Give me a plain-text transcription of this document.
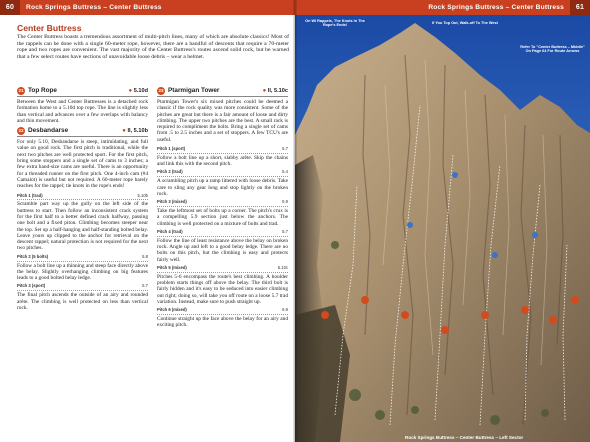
60	Rock Springs Buttress – Center Buttress	Rock Springs Buttress – Center Buttress	61
Center Buttress
The Center Buttress boasts a tremendous assortment of multi-pitch lines, many of which are absolute classics! Most of the rappels can be done with a single 60-meter rope, however, there are a handful of descents that require a 70-meter rope and two ropes are convenient. The vast majority of the Center Buttress's routes ascend solid rock, but be warned that a few select routes have sections of unavoidable loose debris – wear a helmet.
21 Top Rope	● 5.10d
Between the West and Center Buttresses is a detached rock formation home to a 5.10d top rope. The line is slightly less than vertical and advances over a few overlaps with balancy and thin movement.
22 Desbandarse	● II, 5.10b
For only 5.10, Desbandarse is steep, intimidating, and full value on good rock. The first pitch is traditional, while the next two pitches are well protected sport. For the first pitch, bring some stoppers and a single set of cams to 3 inches; a few extra hand-size cams are useful. There is an opportunity for a threaded runner on the first pitch. One 4-inch cam (#4 Camalot) is useful but not required. A 60-meter rope barely reaches for the rappel; tie knots in the rope's ends!
Pitch 1 (trad)	5.10b
Scramble part way up the gully on the left side of the buttress to start. Then follow an inconsistent crack system for the first half to a better defined crack halfway, passing one bolt and a fixed piton. Climbing becomes steeper near the top. Set up a half-hanging and half-standing bolted belay. Leave yours up clipped to the anchor for retrieval on the descent rappel; natural protection is not required for the next two pitches.
Pitch 2 (5 bolts)	5.8
Follow a bolt line up a thinning and steep face directly above the belay. Slightly overhanging climbing on big features leads to a good bolted belay ledge.
Pitch 3 (sport)	5.7
The final pitch ascends the outside of an airy and rounded arête. The climbing is well protected on less than vertical rock.
23 Ptarmigan Tower	● II, 5.10c
Ptarmigan Tower's six mixed pitches could be deemed a classic if the rock quality was more consistent. Some of the pitches are great but there is a fair amount of loose and dirty climbing. The upper two pitches are the best. A small rack is required to compliment the bolts. Bring a single set of cams from .5 to 2.5 inches and a set of stoppers. A few TCU's are useful.
Pitch 1 (sport)	5.7
Follow a bolt line up a short, slabby arête. Skip the chains and link this with the second pitch.
Pitch 2 (trad)	5.4
A scrambling pitch up a ramp littered with loose debris. Take care to sling any gear long and stop lightly on the broken rock.
Pitch 3 (mixed)	5.9
Take the leftmost set of bolts up a corner. The pitch's crux is a compelling 5.9 section just below the anchors. The climbing is well protected on a mixture of bolts and trad.
Pitch 4 (trad)	5.7
Follow the line of least resistance above the belay on broken rock. Angle up and left to a good belay ledge. There are no bolts on this pitch, but the climbing is easy and protects fairly well.
Pitch 5 (mixed)	5.10c
Pitches 5-6 encompass the route's best climbing. A boulder problem starts things off above the belay. The third bolt is fairly hidden and it's easy to be seduced into easier climbing out right; doing so, will take you off route on a loose 5.7 trad variation. Instead, make sure to push straight up.
Pitch 6 (mixed)	5.9
Continue straight up the face above the belay for an airy and exciting pitch.
On Wi Rappels, The Knots In The Rope's Ends!
If You Top Out, Walk-off To The West
Refer To "Center Buttress – Middle" On Page 64 For Route Arrows
Rock Springs Buttress – Center Buttress – Left Sector
